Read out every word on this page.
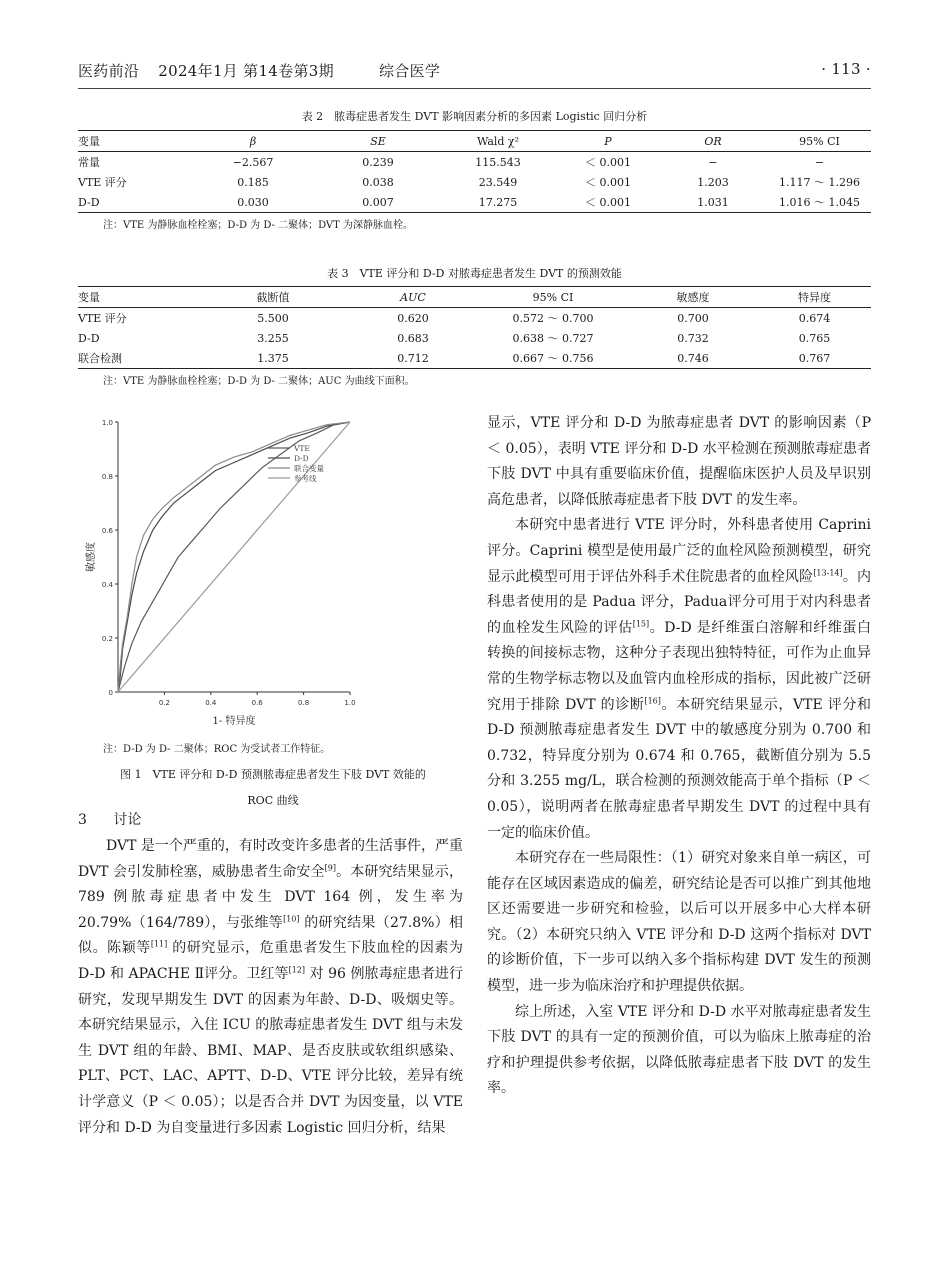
医药前沿 2024年1月 第14卷第3期	综合医学	· 113 ·
表 2　脓毒症患者发生 DVT 影响因素分析的多因素 Logistic 回归分析
变量	β	SE	Wald χ²	P	OR	95% CI
常量	−2.567	0.239	115.543	＜ 0.001	−	−
VTE 评分	0.185	0.038	23.549	＜ 0.001	1.203	1.117 ～ 1.296
D-D	0.030	0.007	17.275	＜ 0.001	1.031	1.016 ～ 1.045
注：VTE 为静脉血栓栓塞；D-D 为 D- 二聚体；DVT 为深静脉血栓。
表 3　VTE 评分和 D-D 对脓毒症患者发生 DVT 的预测效能
变量	截断值	AUC	95% CI	敏感度	特异度
VTE 评分	5.500	0.620	0.572 ～ 0.700	0.700	0.674
D-D	3.255	0.683	0.638 ～ 0.727	0.732	0.765
联合检测	1.375	0.712	0.667 ～ 0.756	0.746	0.767
注：VTE 为静脉血栓栓塞；D-D 为 D- 二聚体；AUC 为曲线下面积。
0
0.2
0.4
0.6
0.8
1.0
0.2	0.4	0.6	0.8	1.0
1- 特异度
敏感度
VTE
D-D
联合变量
参考线
注：D-D 为 D- 二聚体；ROC 为受试者工作特征。
图 1　VTE 评分和 D-D 预测脓毒症患者发生下肢 DVT 效能的
ROC 曲线
3 讨论

DVT 是一个严重的，有时改变许多患者的生活事件，严重 DVT 会引发肺栓塞，威胁患者生命安全[9]。本研究结果显示，789 例脓毒症患者中发生 DVT 164 例，发生率为 20.79%（164/789），与张维等[10] 的研究结果（27.8%）相似。陈颖等[11] 的研究显示，危重患者发生下肢血栓的因素为 D-D 和 APACHE Ⅱ评分。卫红等[12] 对 96 例脓毒症患者进行研究，发现早期发生 DVT 的因素为年龄、D-D、吸烟史等。本研究结果显示，入住 ICU 的脓毒症患者发生 DVT 组与未发生 DVT 组的年龄、BMI、MAP、是否皮肤或软组织感染、PLT、PCT、LAC、APTT、D-D、VTE 评分比较，差异有统计学意义（P ＜ 0.05）；以是否合并 DVT 为因变量，以 VTE 评分和 D-D 为自变量进行多因素 Logistic 回归分析，结果

显示，VTE 评分和 D-D 为脓毒症患者 DVT 的影响因素（P ＜ 0.05），表明 VTE 评分和 D-D 水平检测在预测脓毒症患者下肢 DVT 中具有重要临床价值，提醒临床医护人员及早识别高危患者，以降低脓毒症患者下肢 DVT 的发生率。

本研究中患者进行 VTE 评分时，外科患者使用 Caprini 评分。Caprini 模型是使用最广泛的血栓风险预测模型，研究显示此模型可用于评估外科手术住院患者的血栓风险[13-14]。内科患者使用的是 Padua 评分，Padua评分可用于对内科患者的血栓发生风险的评估[15]。D-D 是纤维蛋白溶解和纤维蛋白转换的间接标志物，这种分子表现出独特特征，可作为止血异常的生物学标志物以及血管内血栓形成的指标，因此被广泛研究用于排除 DVT 的诊断[16]。本研究结果显示，VTE 评分和 D-D 预测脓毒症患者发生 DVT 中的敏感度分别为 0.700 和 0.732，特异度分别为 0.674 和 0.765，截断值分别为 5.5 分和 3.255 mg/L，联合检测的预测效能高于单个指标（P ＜ 0.05），说明两者在脓毒症患者早期发生 DVT 的过程中具有一定的临床价值。

本研究存在一些局限性：（1）研究对象来自单一病区，可能存在区域因素造成的偏差，研究结论是否可以推广到其他地区还需要进一步研究和检验，以后可以开展多中心大样本研究。（2）本研究只纳入 VTE 评分和 D-D 这两个指标对 DVT 的诊断价值，下一步可以纳入多个指标构建 DVT 发生的预测模型，进一步为临床治疗和护理提供依据。

综上所述，入室 VTE 评分和 D-D 水平对脓毒症患者发生下肢 DVT 的具有一定的预测价值，可以为临床上脓毒症的治疗和护理提供参考依据，以降低脓毒症患者下肢 DVT 的发生率。
